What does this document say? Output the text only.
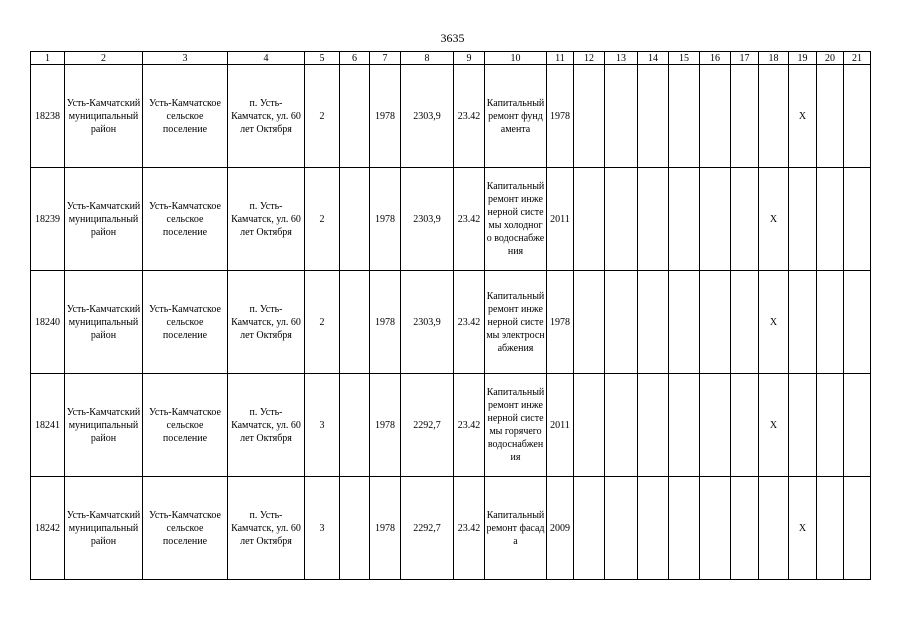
3635
1	2	3	4	5	6	7	8	9	10	11	12	13	14	15	16	17	18	19	20	21
18238	Усть-Камчатский муниципальный район	Усть-Камчатское сельское поселение	п. Усть-Камчатск, ул. 60 лет Октября	2		1978	2303,9	23.42	Капитальный ремонт фундамента	1978								X		
18239	Усть-Камчатский муниципальный район	Усть-Камчатское сельское поселение	п. Усть-Камчатск, ул. 60 лет Октября	2		1978	2303,9	23.42	Капитальный ремонт инженерной системы холодного водоснабжения	2011							X			
18240	Усть-Камчатский муниципальный район	Усть-Камчатское сельское поселение	п. Усть-Камчатск, ул. 60 лет Октября	2		1978	2303,9	23.42	Капитальный ремонт инженерной системы электроснабжения	1978							X			
18241	Усть-Камчатский муниципальный район	Усть-Камчатское сельское поселение	п. Усть-Камчатск, ул. 60 лет Октября	3		1978	2292,7	23.42	Капитальный ремонт инженерной системы горячего водоснабжения	2011							X			
18242	Усть-Камчатский муниципальный район	Усть-Камчатское сельское поселение	п. Усть-Камчатск, ул. 60 лет Октября	3		1978	2292,7	23.42	Капитальный ремонт фасада	2009								X		
